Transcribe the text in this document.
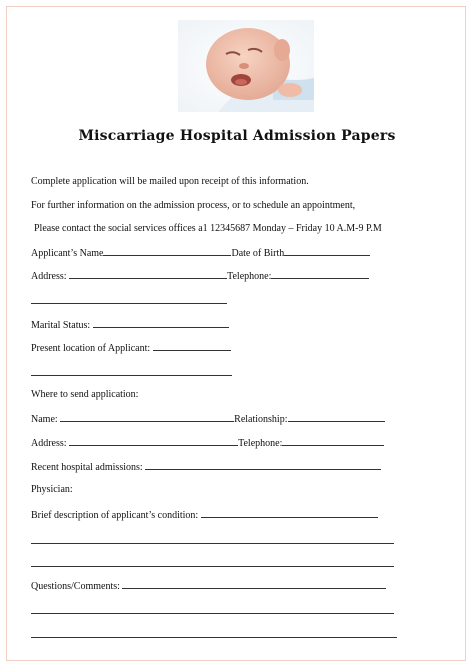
Miscarriage Hospital Admission Papers
Complete application will be mailed upon receipt of this information.
For further information on the admission process, or to schedule an appointment,
Please contact the social services offices a1 12345687 Monday – Friday 10 A.M-9 P.M
Applicant’s Name	Date of Birth
Address:	Telephone:
Marital Status:
Present location of Applicant:
Where to send application:
Name:	Relationship:
Address:	Telephone:
Recent hospital admissions:
Physician:
Brief description of applicant’s condition:
Questions/Comments:
